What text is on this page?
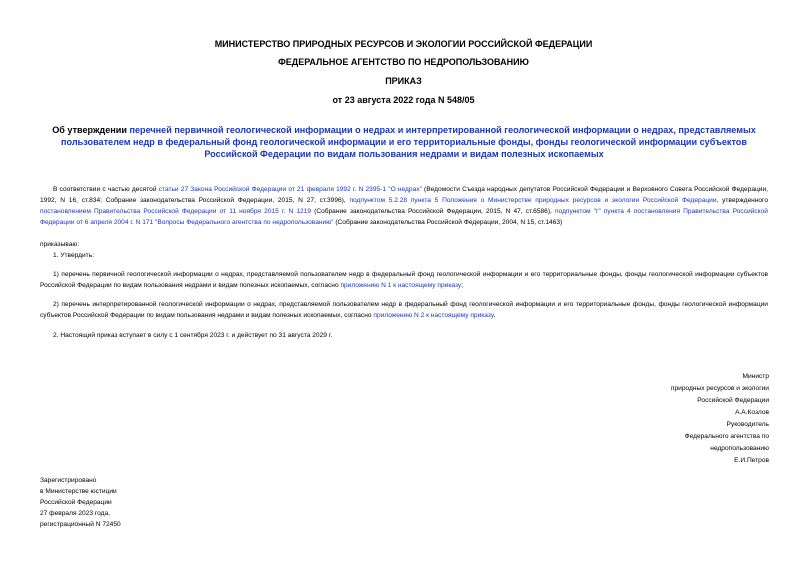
МИНИСТЕРСТВО ПРИРОДНЫХ РЕСУРСОВ И ЭКОЛОГИИ РОССИЙСКОЙ ФЕДЕРАЦИИ
ФЕДЕРАЛЬНОЕ АГЕНТСТВО ПО НЕДРОПОЛЬЗОВАНИЮ
ПРИКАЗ
от 23 августа 2022 года N 548/05
Об утверждении перечней первичной геологической информации о недрах и интерпретированной геологической информации о недрах, представляемых пользователем недр в федеральный фонд геологической информации и его территориальные фонды, фонды геологической информации субъектов Российской Федерации по видам пользования недрами и видам полезных ископаемых
В соответствии с частью десятой статьи 27 Закона Российской Федерации от 21 февраля 1992 г. N 2395-1 "О недрах" (Ведомости Съезда народных депутатов Российской Федерации и Верховного Совета Российской Федерации, 1992, N 16, ст.834; Собрание законодательства Российской Федерации, 2015, N 27, ст.3996), подпунктом 5.2.28 пункта 5 Положения о Министерстве природных ресурсов и экологии Российской Федерации, утвержденного постановлением Правительства Российской Федерации от 11 ноября 2015 г. N 1219 (Собрание законодательства Российской Федерации, 2015, N 47, ст.6586), подпунктом "г" пункта 4 постановления Правительства Российской Федерации от 6 апреля 2004 г. N 171 "Вопросы Федерального агентства по недропользованию" (Собрание законодательства Российской Федерации, 2004, N 15, ст.1463)
приказываю:
1. Утвердить:
1) перечень первичной геологической информации о недрах, представляемой пользователем недр в федеральный фонд геологической информации и его территориальные фонды, фонды геологической информации субъектов Российской Федерации по видам пользования недрами и видам полезных ископаемых, согласно приложению N 1 к настоящему приказу;
2) перечень интерпретированной геологической информации о недрах, представляемой пользователем недр в федеральный фонд геологической информации и его территориальные фонды, фонды геологической информации субъектов Российской Федерации по видам пользования недрами и видам полезных ископаемых, согласно приложению N 2 к настоящему приказу.
2. Настоящий приказ вступает в силу с 1 сентября 2023 г. и действует по 31 августа 2029 г.
Министр
природных ресурсов и экологии
Российской Федерации
А.А.Козлов
Руководитель
Федерального агентства по
недропользованию
Е.И.Петров
Зарегистрировано
в Министерстве юстиции
Российской Федерации
27 февраля 2023 года,
регистрационный N 72450
